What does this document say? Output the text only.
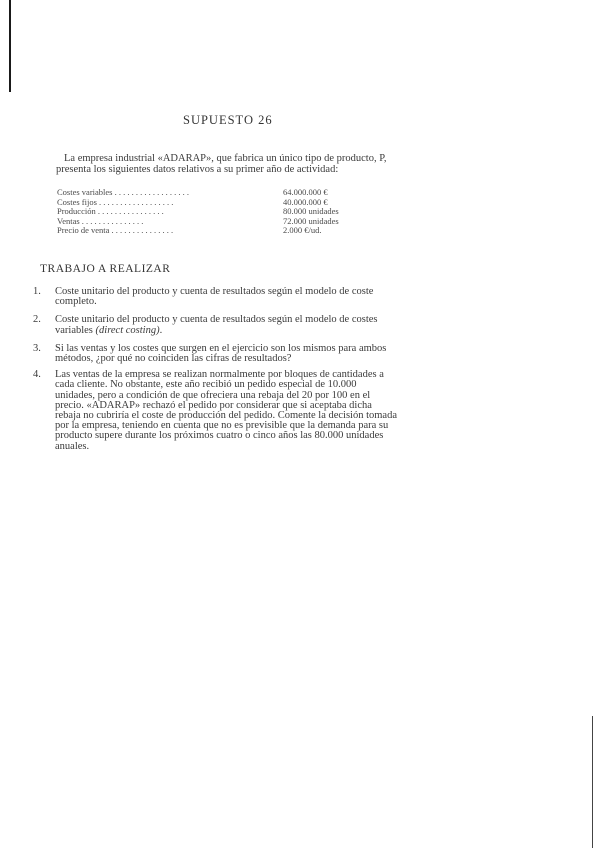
SUPUESTO 26
La empresa industrial «ADARAP», que fabrica un único tipo de producto, P, presenta los siguientes datos relativos a su primer año de actividad:
Costes variables . . . . . . . . . . . . . . . . . .	64.000.000 €
Costes fijos . . . . . . . . . . . . . . . . . .	40.000.000 €
Producción . . . . . . . . . . . . . . . .	80.000 unidades
Ventas . . . . . . . . . . . . . . .	72.000 unidades
Precio de venta . . . . . . . . . . . . . . .	2.000 €/ud.
TRABAJO A REALIZAR
1.	Coste unitario del producto y cuenta de resultados según el modelo de coste completo.
2.	Coste unitario del producto y cuenta de resultados según el modelo de costes variables (direct costing).
3.	Si las ventas y los costes que surgen en el ejercicio son los mismos para ambos métodos, ¿por qué no coinciden las cifras de resultados?
4.	Las ventas de la empresa se realizan normalmente por bloques de cantidades a cada cliente. No obstante, este año recibió un pedido especial de 10.000 unidades, pero a condición de que ofreciera una rebaja del 20 por 100 en el precio. «ADARAP» rechazó el pedido por considerar que si aceptaba dicha rebaja no cubriría el coste de producción del pedido. Comente la decisión tomada por la empresa, teniendo en cuenta que no es previsible que la demanda para su producto supere durante los próximos cuatro o cinco años las 80.000 unidades anuales.
